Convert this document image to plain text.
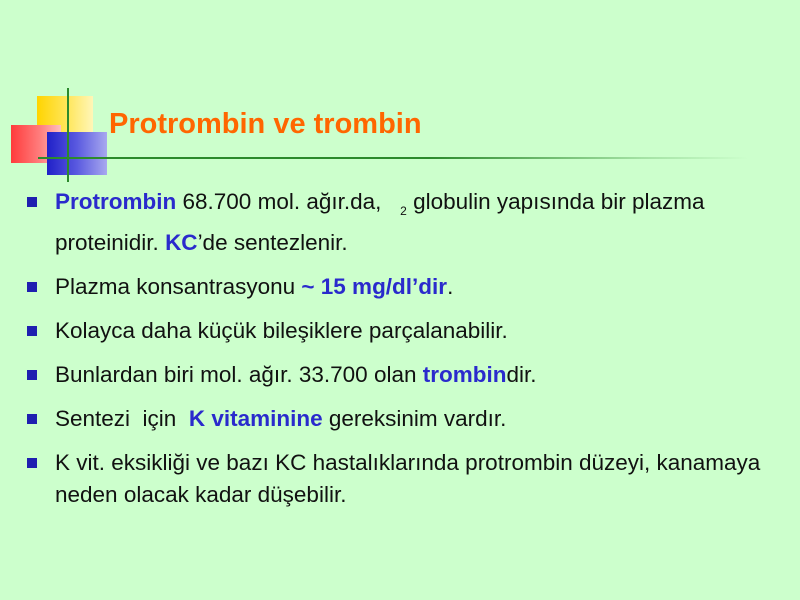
Protrombin ve trombin
Protrombin 68.700 mol. ağır.da, $_2$ globulin yapısında bir plazma proteinidir. KC’de sentezlenir.
Plazma konsantrasyonu ~ 15 mg/dl’dir.
Kolayca daha küçük bileşiklere parçalanabilir.
Bunlardan biri mol. ağır. 33.700 olan trombindir.
Sentezi  için  K vitaminine gereksinim vardır.
K vit. eksikliği ve bazı KC hastalıklarında protrombin düzeyi, kanamaya neden olacak kadar düşebilir.
